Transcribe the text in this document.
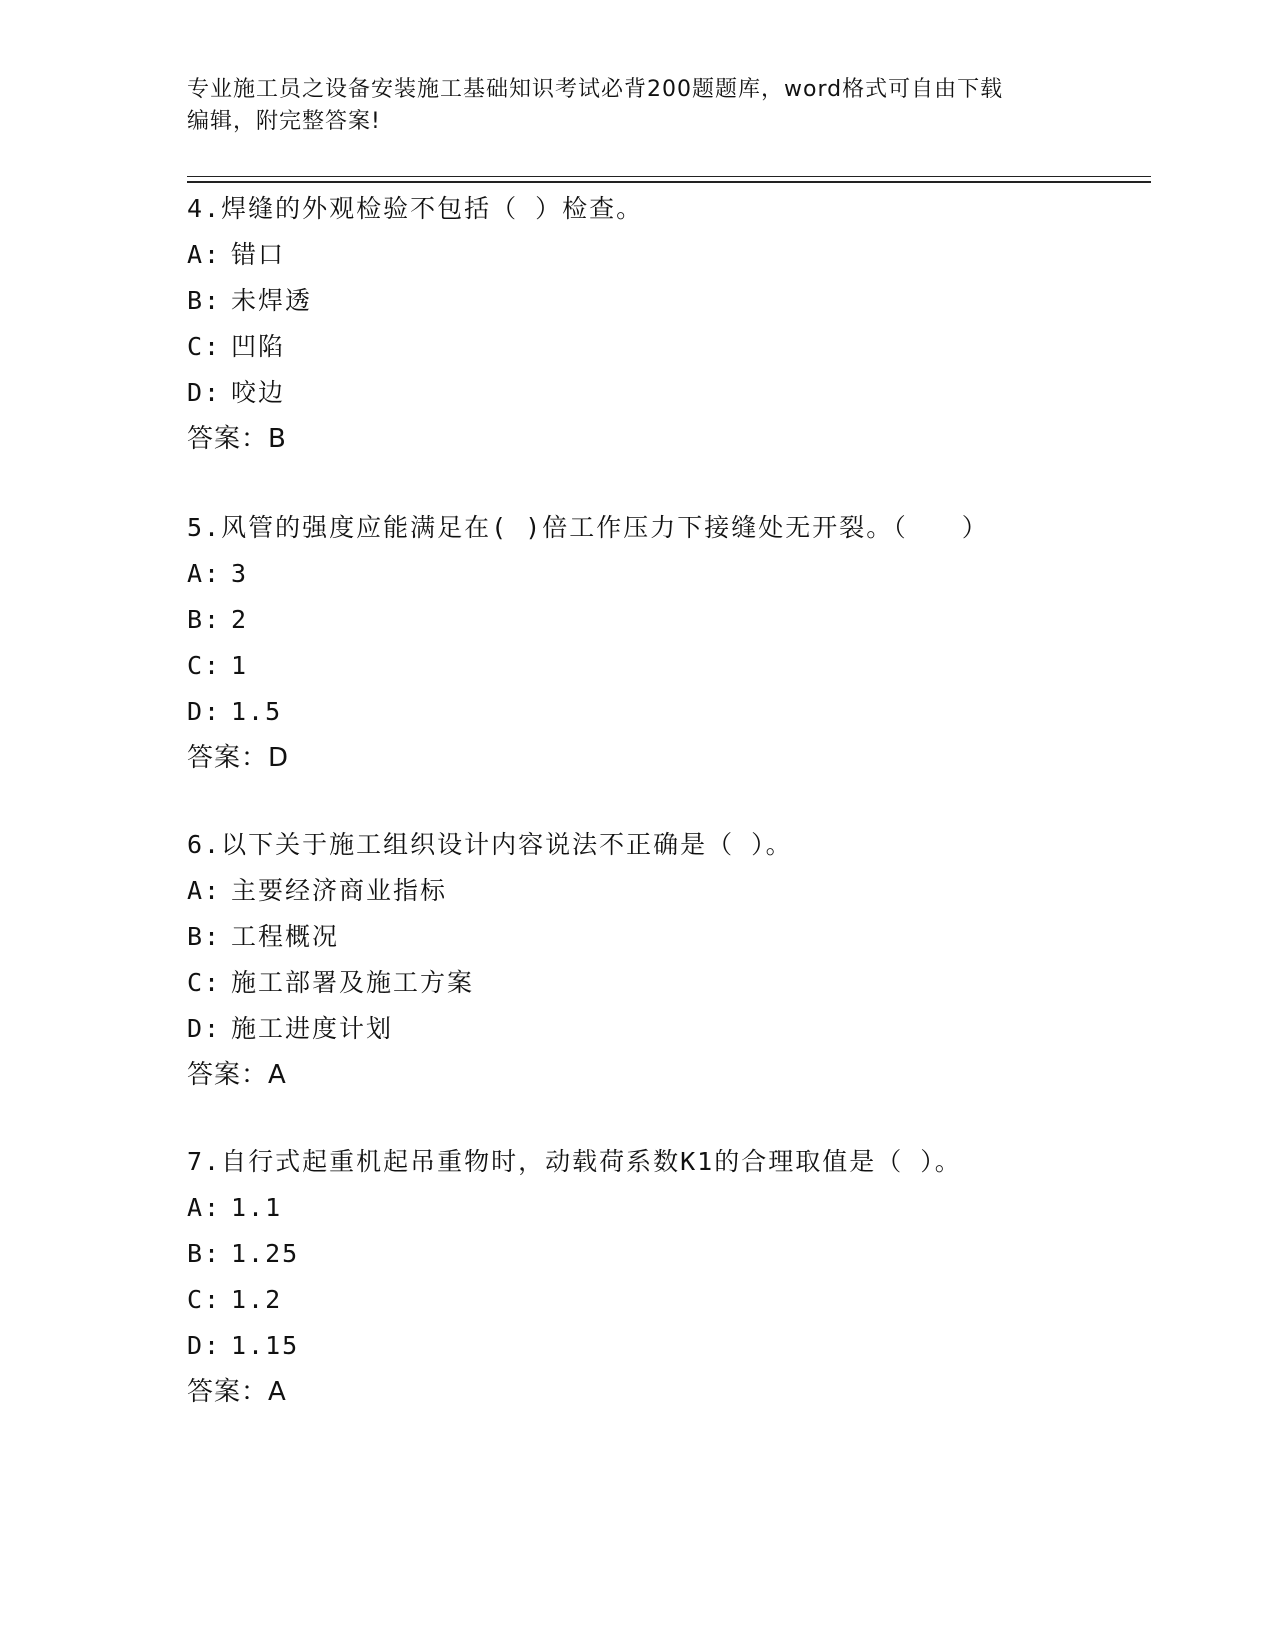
专业施工员之设备安装施工基础知识考试必背200题题库，word格式可自由下载
编辑，附完整答案!
4.焊缝的外观检验不包括（ ）检查。
A: 错口
B: 未焊透
C: 凹陷
D: 咬边
答案：B
5.风管的强度应能满足在( )倍工作压力下接缝处无开裂。（　　）
A: 3
B: 2
C: 1
D: 1.5
答案：D
6.以下关于施工组织设计内容说法不正确是（ ）。
A: 主要经济商业指标
B: 工程概况
C: 施工部署及施工方案
D: 施工进度计划
答案：A
7.自行式起重机起吊重物时，动载荷系数K1的合理取值是（ ）。
A: 1.1
B: 1.25
C: 1.2
D: 1.15
答案：A
